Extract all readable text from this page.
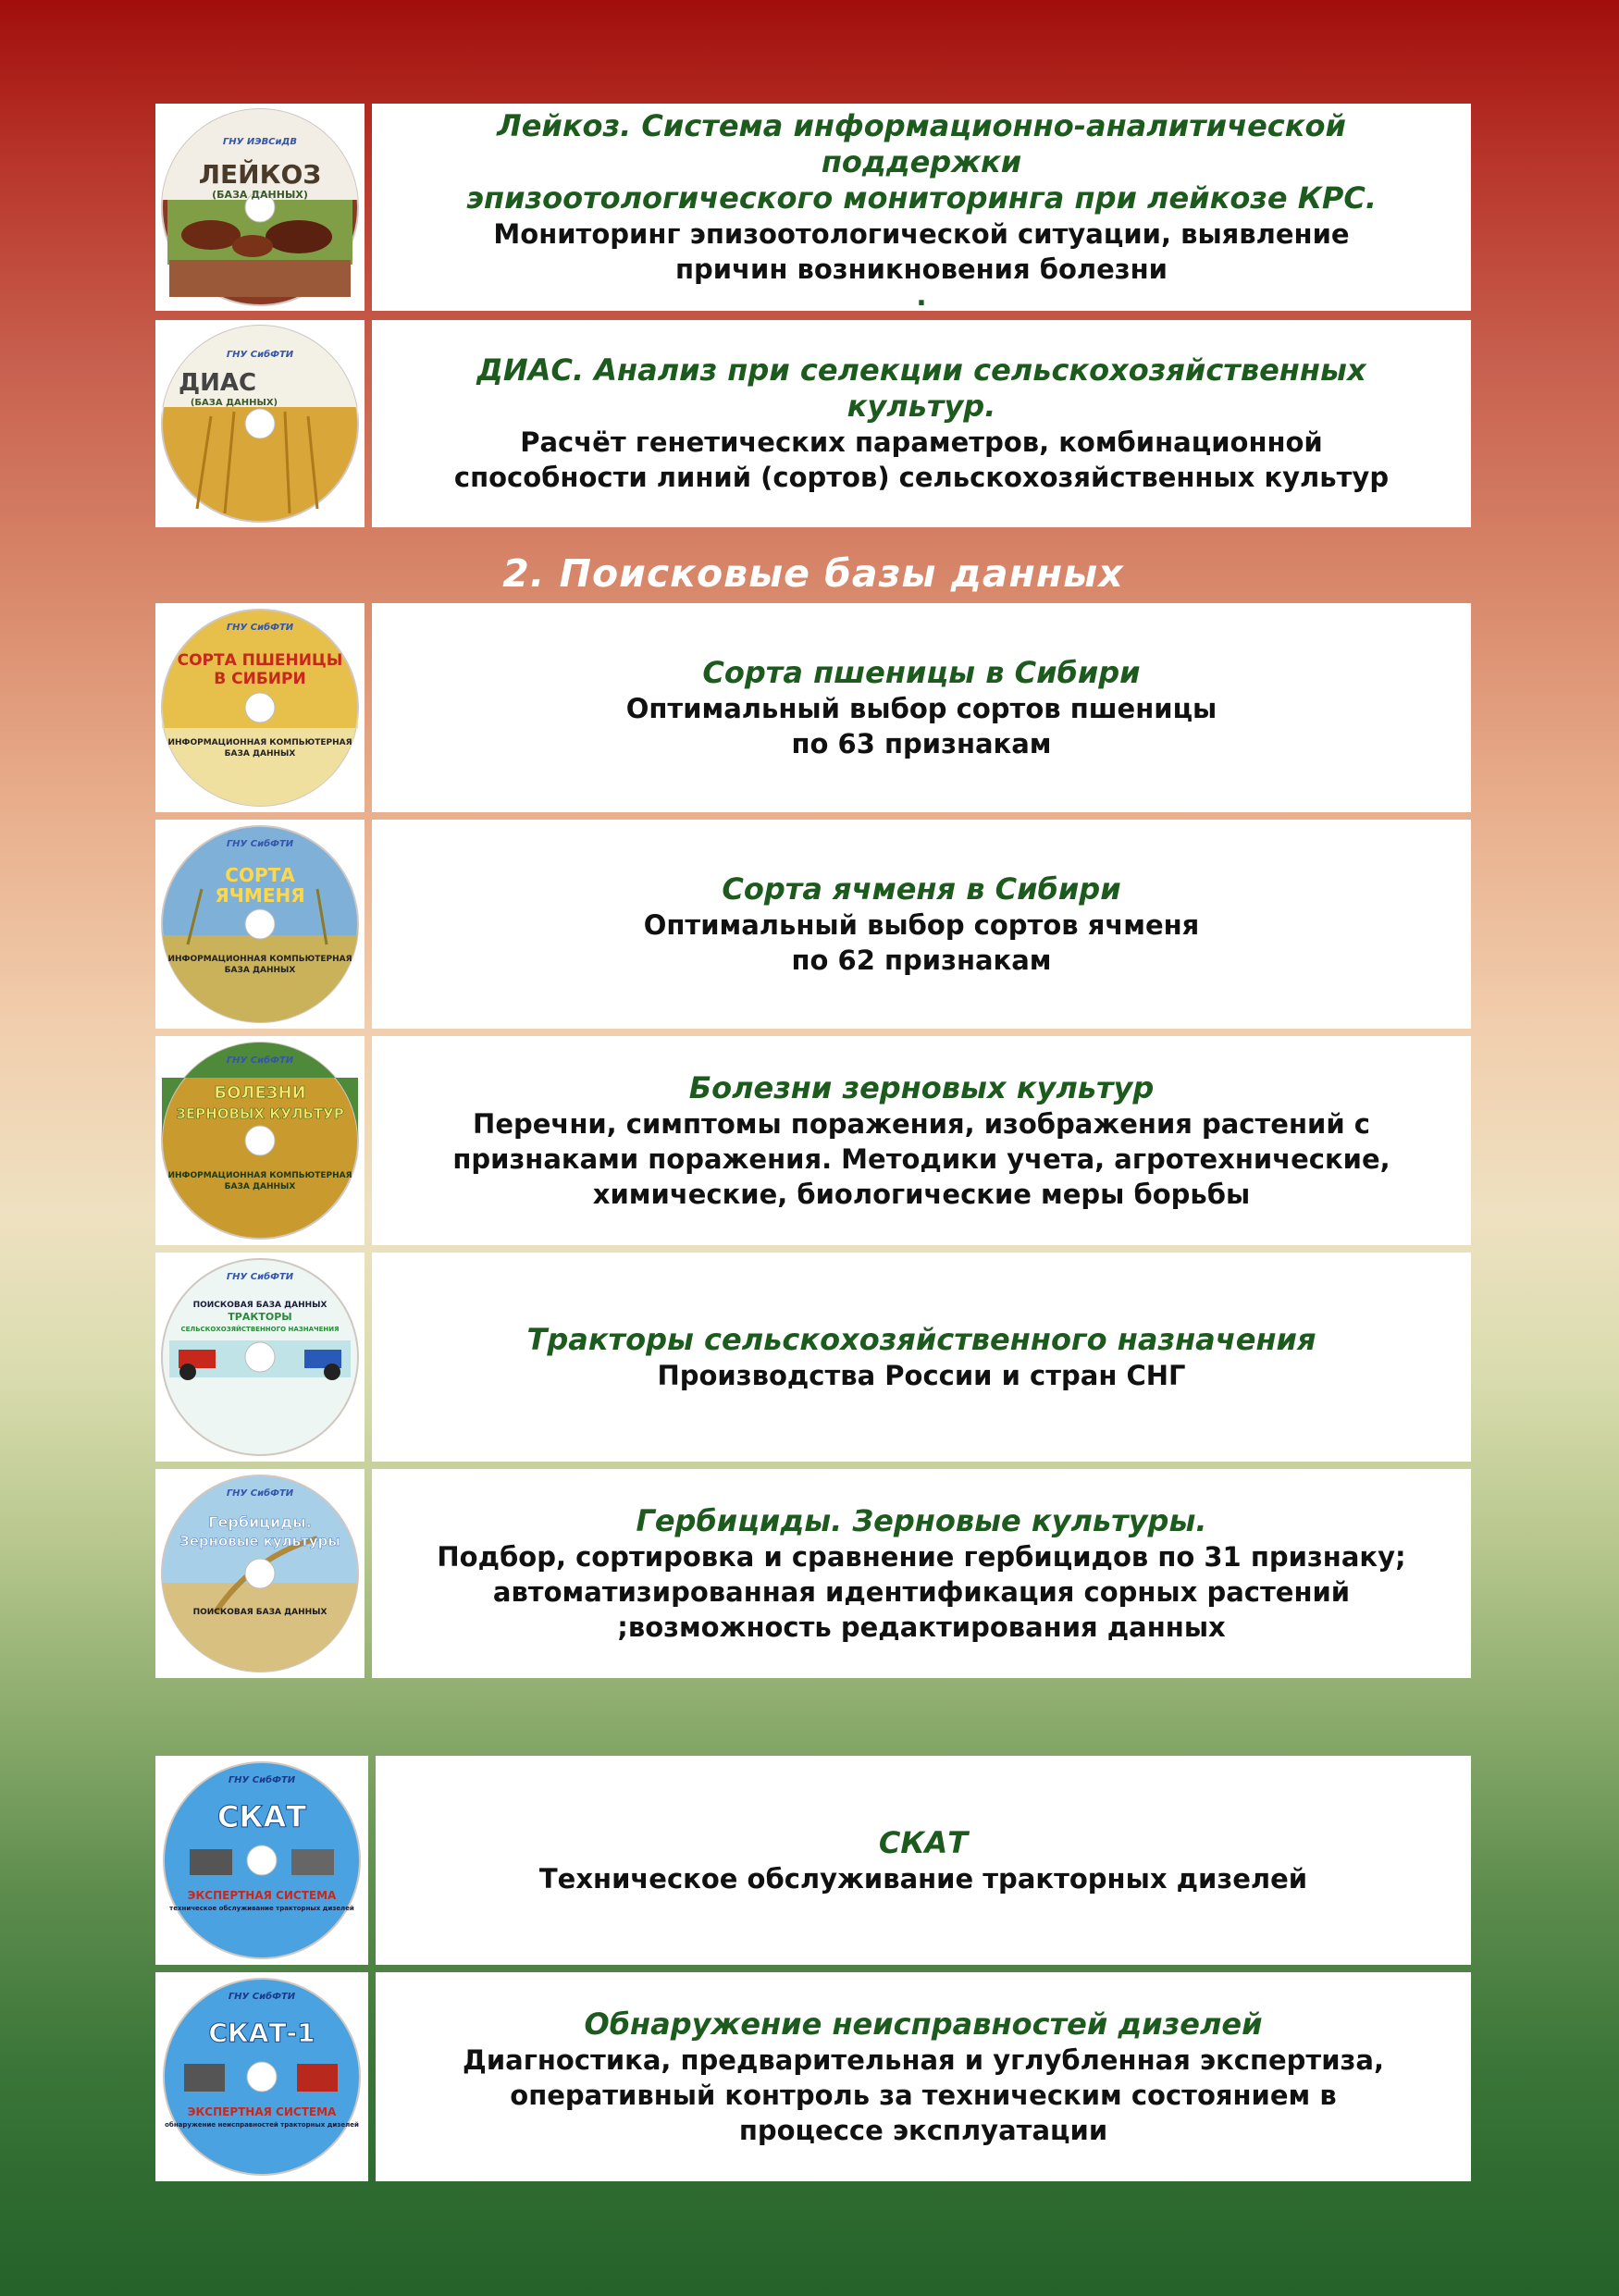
ЛЕЙКОЗ
(БАЗА ДАННЫХ)
ГНУ ИЭВСиДВ	Лейкоз. Система информационно-аналитической поддержки
эпизоотологического мониторинга при лейкозе КРС.
Мониторинг эпизоотологической ситуации, выявление
причин возникновения болезни
.
ДИАС
(БАЗА ДАННЫХ)
ГНУ СибФТИ	ДИАС. Анализ при селекции сельскохозяйственных культур.
Расчёт генетических параметров, комбинационной
способности линий (сортов) сельскохозяйственных культур
2. Поисковые базы данных
СОРТА ПШЕНИЦЫ
В СИБИРИ
ИНФОРМАЦИОННАЯ КОМПЬЮТЕРНАЯ
БАЗА ДАННЫХ
ГНУ СибФТИ
Сорта пшеницы в Сибири
Оптимальный выбор сортов пшеницы
по 63 признакам
СОРТА
ЯЧМЕНЯ
ИНФОРМАЦИОННАЯ КОМПЬЮТЕРНАЯ
БАЗА ДАННЫХ
ГНУ СибФТИ
Сорта ячменя в Сибири
Оптимальный выбор сортов ячменя
по 62 признакам
БОЛЕЗНИ
ЗЕРНОВЫХ КУЛЬТУР
ИНФОРМАЦИОННАЯ КОМПЬЮТЕРНАЯ
БАЗА ДАННЫХ
ГНУ СибФТИ
Болезни зерновых культур
Перечни, симптомы поражения, изображения растений с
признаками поражения. Методики учета, агротехнические,
химические, биологические меры борьбы
ПОИСКОВАЯ БАЗА ДАННЫХ
ТРАКТОРЫ
СЕЛЬСКОХОЗЯЙСТВЕННОГО НАЗНАЧЕНИЯ
ГНУ СибФТИ
Тракторы сельскохозяйственного назначения
Производства России и стран СНГ
Гербициды.
Зерновые культуры
ПОИСКОВАЯ БАЗА ДАННЫХ
ГНУ СибФТИ
Гербициды. Зерновые культуры.
Подбор, сортировка и сравнение гербицидов по 31 признаку;
автоматизированная идентификация сорных растений
;возможность редактирования данных
СКАТ
ЭКСПЕРТНАЯ СИСТЕМА
техническое обслуживание тракторных дизелей
ГНУ СибФТИ
СКАТ
Техническое обслуживание тракторных дизелей
СКАТ-1
ЭКСПЕРТНАЯ СИСТЕМА
обнаружение неисправностей тракторных дизелей
ГНУ СибФТИ
Обнаружение неисправностей дизелей
Диагностика, предварительная и углубленная экспертиза,
оперативный контроль за техническим состоянием в
процессе эксплуатации
